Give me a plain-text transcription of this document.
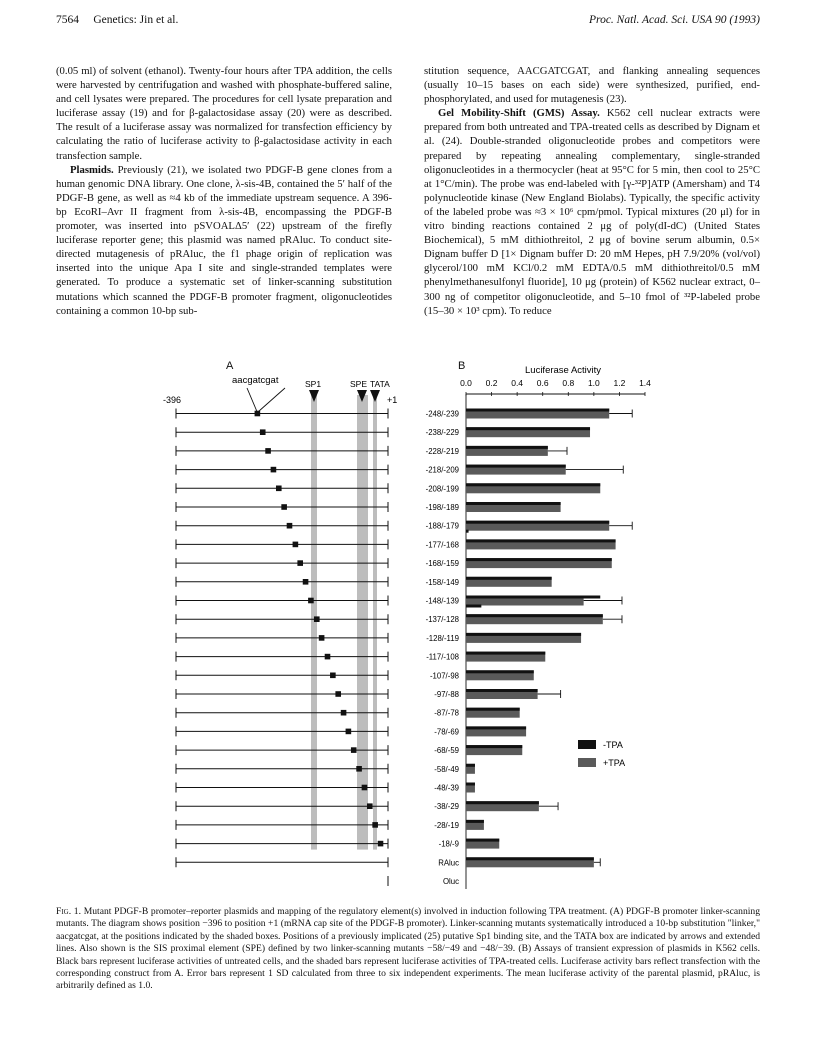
7564 Genetics: Jin et al.	Proc. Natl. Acad. Sci. USA 90 (1993)

(0.05 ml) of solvent (ethanol). Twenty-four hours after TPA addition, the cells were harvested by centrifugation and washed with phosphate-buffered saline, and cell lysates were prepared. The procedures for cell lysate preparation and luciferase assay (19) and for β-galactosidase assay (20) were as described. The result of a luciferase assay was normalized for transfection efficiency by calculating the ratio of luciferase activity to β-galactosidase activity in each transfection sample.

Plasmids. Previously (21), we isolated two PDGF-B gene clones from a human genomic DNA library. One clone, λ-sis-4B, contained the 5′ half of the PDGF-B gene, as well as ≈4 kb of the immediate upstream sequence. A 396-bp EcoRI–Avr II fragment from λ-sis-4B, encompassing the PDGF-B promoter, was inserted into pSVOALΔ5′ (22) upstream of the firefly luciferase reporter gene; this plasmid was named pRAluc. To conduct site-directed mutagenesis of pRAluc, the f1 phage origin of replication was inserted into the unique Apa I site and single-stranded templates were generated. To produce a systematic set of linker-scanning substitution mutations which scanned the PDGF-B promoter fragment, oligonucleotides containing a common 10-bp sub-

stitution sequence, AACGATCGAT, and flanking annealing sequences (usually 10–15 bases on each side) were synthesized, purified, end-phosphorylated, and used for mutagenesis (23).

Gel Mobility-Shift (GMS) Assay. K562 cell nuclear extracts were prepared from both untreated and TPA-treated cells as described by Dignam et al. (24). Double-stranded oligonucleotide probes and competitors were prepared by repeating annealing complementary, single-stranded oligonucleotides in a thermocycler (heat at 95°C for 5 min, then cool to 25°C at 1°C/min). The probe was end-labeled with [γ-³²P]ATP (Amersham) and T4 polynucleotide kinase (New England Biolabs). Typically, the specific activity of the labeled probe was ≈3 × 10⁶ cpm/pmol. Typical mixtures (20 μl) for in vitro binding reactions contained 2 μg of poly(dI-dC) (United States Biochemical), 5 mM dithiothreitol, 2 μg of bovine serum albumin, 0.5× Dignam buffer D [1× Dignam buffer D: 20 mM Hepes, pH 7.9/20% (vol/vol) glycerol/100 mM KCl/0.2 mM EDTA/0.5 mM dithiothreitol/0.5 mM phenylmethanesulfonyl fluoride], 10 μg (protein) of K562 nuclear extract, 0–300 ng of competitor oligonucleotide, and 5–10 fmol of ³²P-labeled probe (15–30 × 10³ cpm). To reduce

A	B
-396	+1
aacgatcgat	SP1	SPE TATA
Luciferase Activity
0.0 0.2 0.4 0.6 0.8 1.0 1.2 1.4
-248/-239
-238/-229
-228/-219
-218/-209
-208/-199
-198/-189
-188/-179
-177/-168
-168/-159
-158/-149
-148/-139
-137/-128
-128/-119
-117/-108
-107/-98
-97/-88
-87/-78
-78/-69
-68/-59
-58/-49
-48/-39
-38/-29
-28/-19
-18/-9
RAluc
Oluc
-TPA
+TPA
Fig. 1. Mutant PDGF-B promoter–reporter plasmids and mapping of the regulatory element(s) involved in induction following TPA treatment. (A) PDGF-B promoter linker-scanning mutants. The diagram shows position −396 to position +1 (mRNA cap site of the PDGF-B promoter). Linker-scanning mutants systematically introduced a 10-bp substitution "linker," aacgatcgat, at the positions indicated by the shaded boxes. Positions of a previously implicated (25) putative Sp1 binding site, and the TATA box are indicated by arrows and extended lines. Also shown is the SIS proximal element (SPE) defined by two linker-scanning mutants −58/−49 and −48/−39. (B) Assays of transient expression of plasmids in K562 cells. Black bars represent luciferase activities of untreated cells, and the shaded bars represent luciferase activities of TPA-treated cells. Luciferase activity bars reflect transfection with the corresponding construct from A. Error bars represent 1 SD calculated from three to six independent experiments. The mean luciferase activity of the parental plasmid, pRAluc, is arbitrarily defined as 1.0.
